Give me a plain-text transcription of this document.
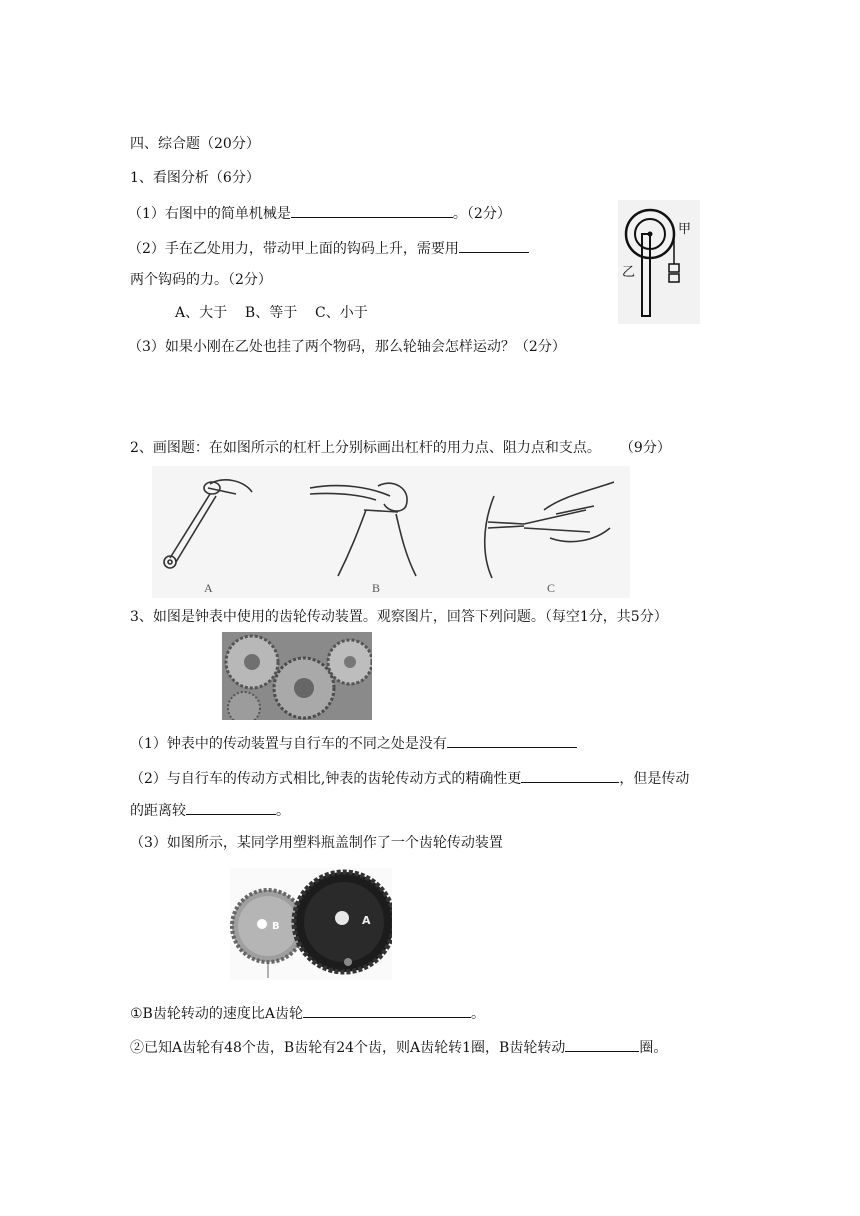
四、综合题（20分）
1、看图分析（6分）
（1）右图中的简单机械是	。（2分）
（2）手在乙处用力，带动甲上面的钩码上升，需要用
两个钩码的力。（2分）
A、大于    B、等于    C、小于
（3）如果小刚在乙处也挂了两个物码，那么轮轴会怎样运动？（2分）
甲
乙
2、画图题：在如图所示的杠杆上分别标画出杠杆的用力点、阻力点和支点。 （9分）
A	B	C
3、如图是钟表中使用的齿轮传动装置。观察图片，回答下列问题。（每空1分，共5分）
（1）钟表中的传动装置与自行车的不同之处是没有
（2）与自行车的传动方式相比,钟表的齿轮传动方式的精确性更	，但是传动
的距离较	。
（3）如图所示，某同学用塑料瓶盖制作了一个齿轮传动装置
B	A
①B齿轮转动的速度比A齿轮	。
②已知A齿轮有48个齿，B齿轮有24个齿，则A齿轮转1圈，B齿轮转动	圈。
